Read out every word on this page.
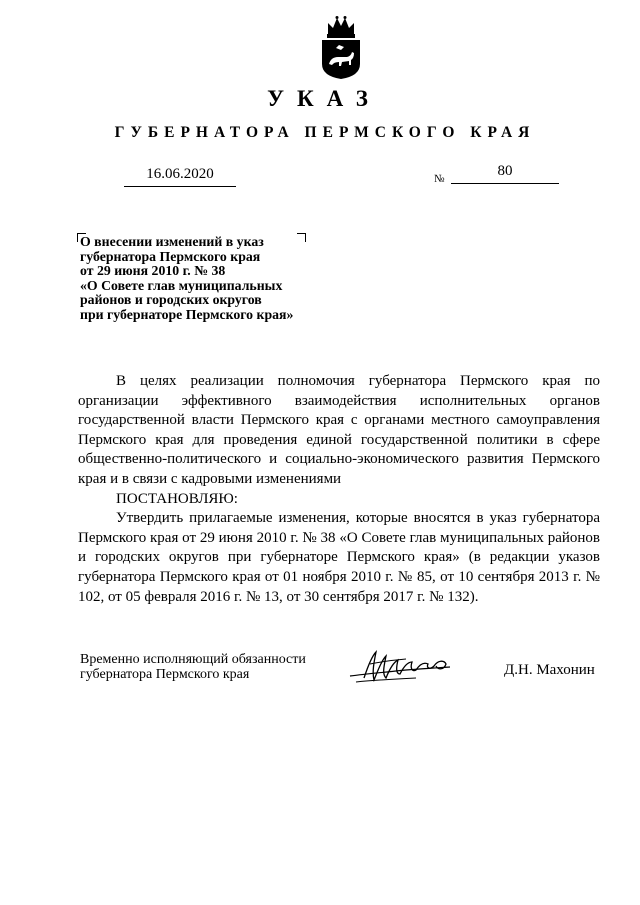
УКАЗ
ГУБЕРНАТОРА ПЕРМСКОГО КРАЯ
16.06.2020	№	80
О внесении изменений в указ
губернатора Пермского края
от 29 июня 2010 г. № 38
«О Совете глав муниципальных
районов и городских округов
при губернаторе Пермского края»

В целях реализации полномочия губернатора Пермского края по организации эффективного взаимодействия исполнительных органов государственной власти Пермского края с органами местного самоуправления Пермского края для проведения единой государственной политики в сфере общественно-политического и социально-экономического развития Пермского края и в связи с кадровыми изменениями

ПОСТАНОВЛЯЮ:

Утвердить прилагаемые изменения, которые вносятся в указ губернатора Пермского края от 29 июня 2010 г. № 38 «О Совете глав муниципальных районов и городских округов при губернаторе Пермского края» (в редакции указов губернатора Пермского края от 01 ноября 2010 г. № 85, от 10 сентября 2013 г. № 102, от 05 февраля 2016 г. № 13, от 30 сентября 2017 г. № 132).

Временно исполняющий обязанности
губернатора Пермского края	Д.Н. Махонин
